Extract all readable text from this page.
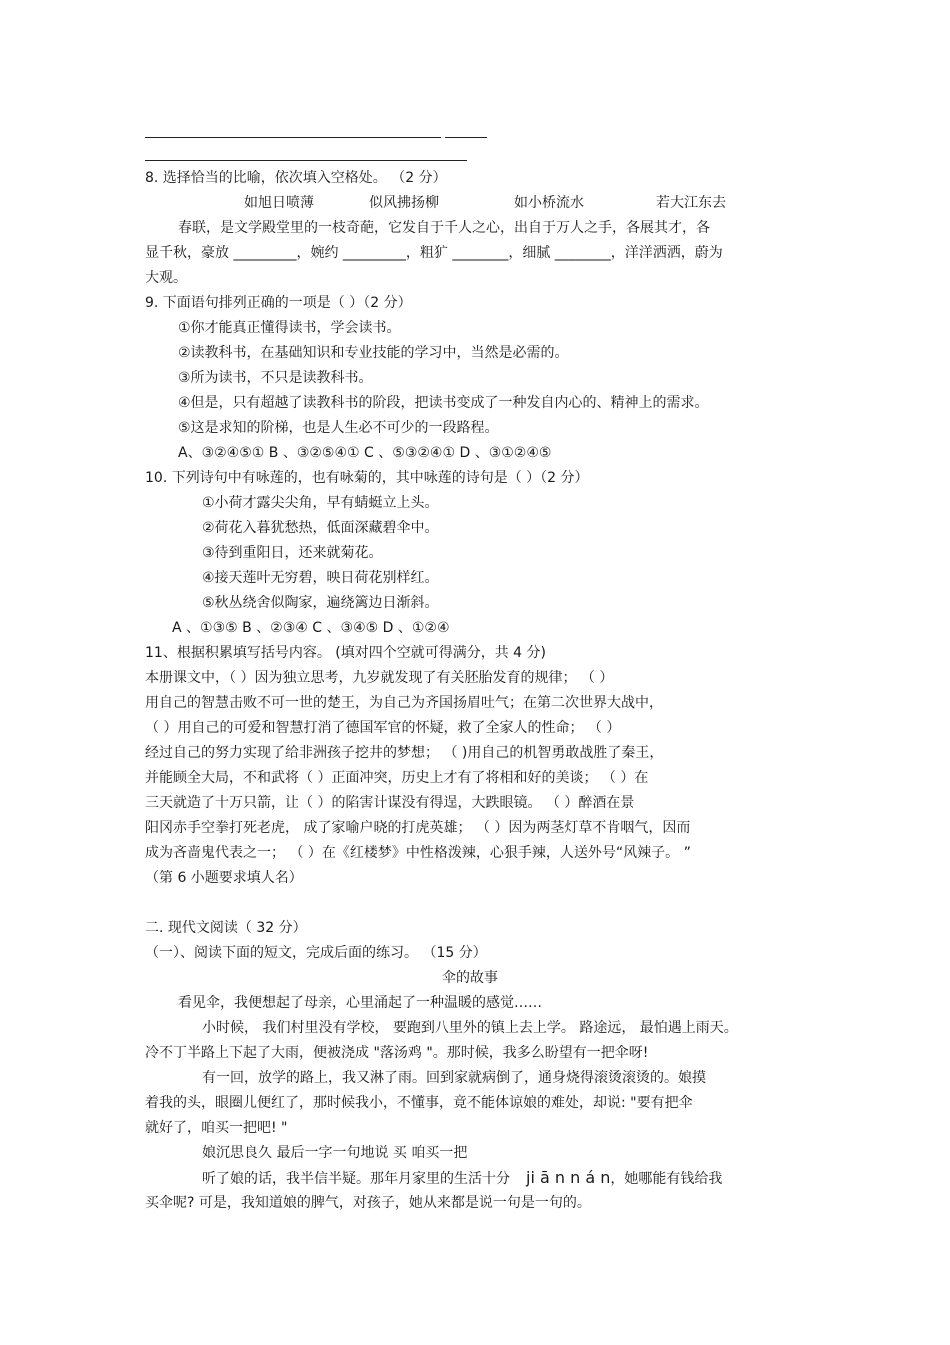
8. 选择恰当的比喻，依次填入空格处。 （2 分）
如旭日喷薄	似风拂扬柳	如小桥流水	若大江东去
春联，是文学殿堂里的一枝奇葩，它发自于千人之心，出自于万人之手，各展其才，各
显千秋，豪放 _________，婉约 _________，粗犷 ________，细腻 ________，洋洋洒洒，蔚为
大观。
9. 下面语句排列正确的一项是（ ）（2 分）
①你才能真正懂得读书，学会读书。
②读教科书，在基础知识和专业技能的学习中，当然是必需的。
③所为读书，不只是读教科书。
④但是，只有超越了读教科书的阶段，把读书变成了一种发自内心的、精神上的需求。
⑤这是求知的阶梯，也是人生必不可少的一段路程。
A、③②④⑤① B 、③②⑤④① C 、⑤③②④① D 、③①②④⑤
10. 下列诗句中有咏莲的，也有咏菊的，其中咏莲的诗句是（ ）（2 分）
①小荷才露尖尖角，早有蜻蜓立上头。
②荷花入暮犹愁热，低面深藏碧伞中。
③待到重阳日，还来就菊花。
④接天莲叶无穷碧，映日荷花别样红。
⑤秋丛绕舍似陶家，遍绕篱边日渐斜。
A 、①③⑤ B 、②③④ C 、③④⑤ D 、①②④
11、根据积累填写括号内容。 (填对四个空就可得满分，共 4 分)
本册课文中，（ ）因为独立思考，九岁就发现了有关胚胎发育的规律； （ ）
用自己的智慧击败不可一世的楚王，为自己为齐国扬眉吐气；在第二次世界大战中，
（ ）用自己的可爱和智慧打消了德国军官的怀疑，救了全家人的性命； （ ）
经过自己的努力实现了给非洲孩子挖井的梦想； （ )用自己的机智勇敢战胜了秦王，
并能顾全大局，不和武将（ ）正面冲突，历史上才有了将相和好的美谈； （ ）在
三天就造了十万只箭，让（ ）的陷害计谋没有得逞，大跌眼镜。 （ ）醉酒在景
阳冈赤手空拳打死老虎， 成了家喻户晓的打虎英雄； （ ）因为两茎灯草不肯咽气，因而
成为吝啬鬼代表之一； （ ）在《红楼梦》中性格泼辣，心狠手辣，人送外号“风辣子。 ”
（第 6 小题要求填人名）
二. 现代文阅读（ 32 分）
（一）、阅读下面的短文，完成后面的练习。 （15 分）
伞的故事
看见伞，我便想起了母亲，心里涌起了一种温暖的感觉……
小时候， 我们村里没有学校， 要跑到八里外的镇上去上学。 路途远， 最怕遇上雨天。
冷不丁半路上下起了大雨，便被浇成 "落汤鸡 "。那时候，我多么盼望有一把伞呀!
有一回，放学的路上，我又淋了雨。回到家就病倒了，通身烧得滚烫滚烫的。娘摸
着我的头，眼圈儿便红了，那时候我小，不懂事，竟不能体谅娘的难处，却说: "要有把伞
就好了，咱买一把吧! "
娘沉思良久 最后一字一句地说 买 咱买一把
听了娘的话，我半信半疑。那年月家里的生活十分 ji ā n n á n，她哪能有钱给我
买伞呢? 可是，我知道娘的脾气，对孩子，她从来都是说一句是一句的。
